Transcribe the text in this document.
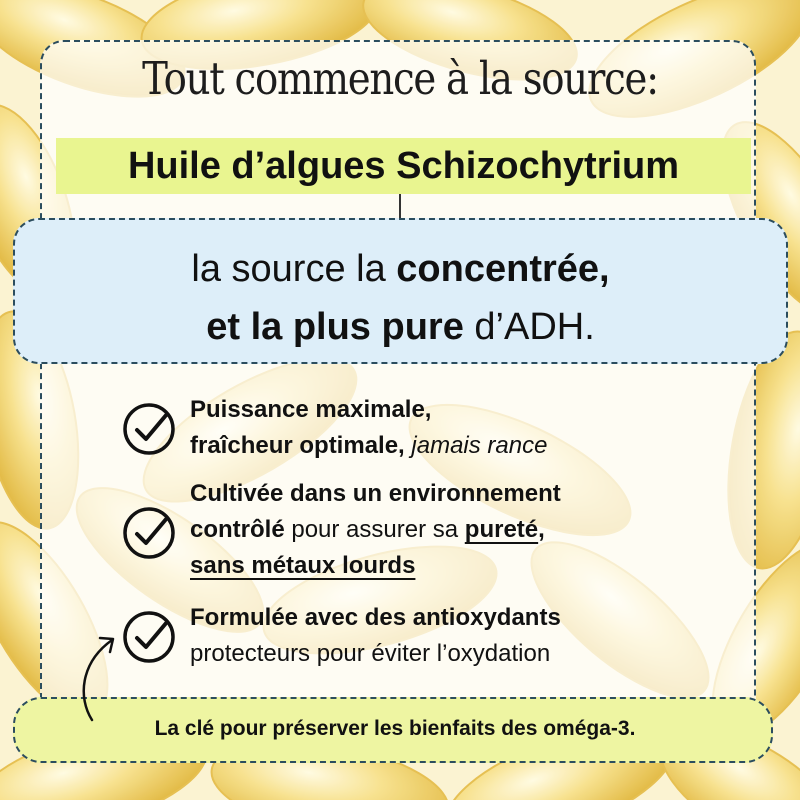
Tout commence à la source:
Huile d’algues Schizochytrium
la source la concentrée,
et la plus pure d’ADH.
Puissance maximale,
fraîcheur optimale, jamais rance
Cultivée dans un environnement
contrôlé pour assurer sa pureté,
sans métaux lourds
Formulée avec des antioxydants
protecteurs pour éviter l’oxydation
La clé pour préserver les bienfaits des oméga-3.
